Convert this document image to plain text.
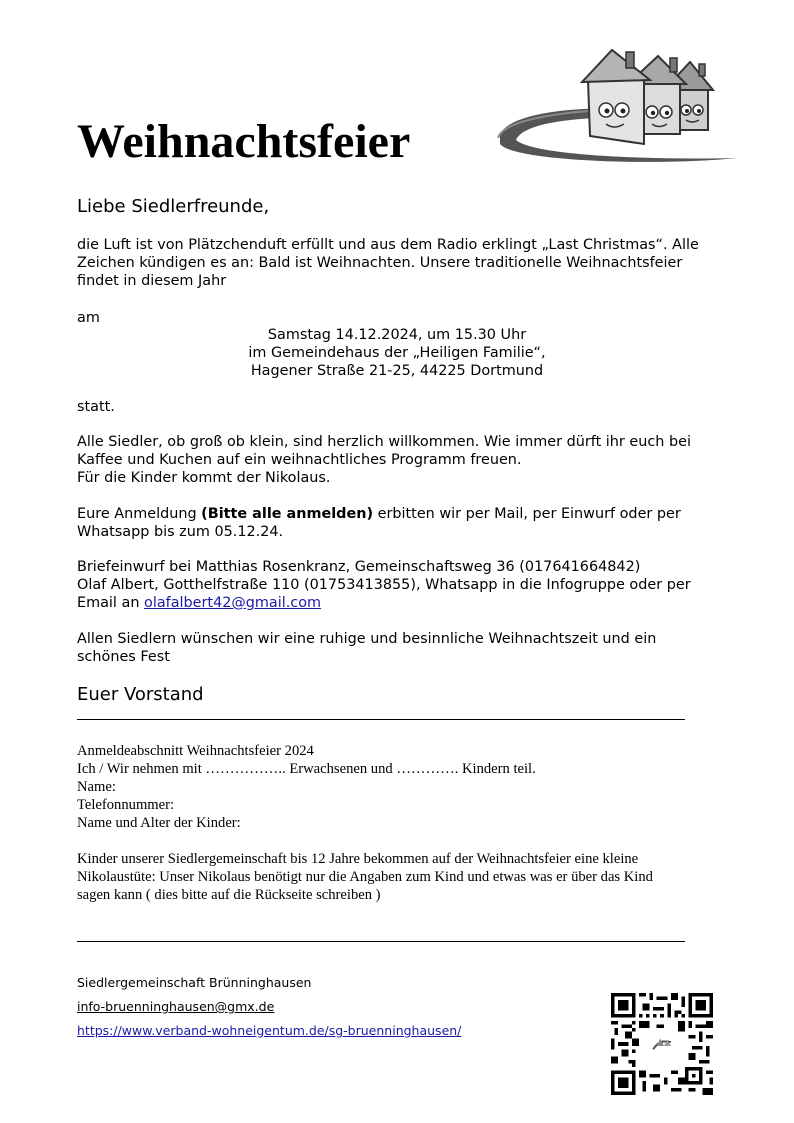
Weihnachtsfeier
Liebe Siedlerfreunde,
die Luft ist von Plätzchenduft erfüllt und aus dem Radio erklingt „Last Christmas“. Alle Zeichen kündigen es an: Bald ist Weihnachten. Unsere traditionelle Weihnachtsfeier findet in diesem Jahr
am
Samstag 14.12.2024, um 15.30 Uhr
im Gemeindehaus der „Heiligen Familie“,
Hagener Straße 21-25, 44225 Dortmund
statt.
Alle Siedler, ob groß ob klein, sind herzlich willkommen. Wie immer dürft ihr euch bei Kaffee und Kuchen auf ein weihnachtliches Programm freuen.
Für die Kinder kommt der Nikolaus.
Eure Anmeldung (Bitte alle anmelden) erbitten wir per Mail, per Einwurf oder per Whatsapp bis zum 05.12.24.
Briefeinwurf bei Matthias Rosenkranz, Gemeinschaftsweg 36 (017641664842)
Olaf Albert, Gotthelfstraße 110 (01753413855), Whatsapp in die Infogruppe oder per
Email an olafalbert42@gmail.com
Allen Siedlern wünschen wir eine ruhige und besinnliche Weihnachtszeit und ein schönes Fest
Euer Vorstand
Anmeldeabschnitt Weihnachtsfeier 2024
Ich / Wir nehmen mit …………….. Erwachsenen und …………. Kindern teil.
Name:
Telefonnummer:
Name und Alter der Kinder:
Kinder unserer Siedlergemeinschaft bis 12 Jahre bekommen auf der Weihnachtsfeier eine kleine
Nikolaustüte: Unser Nikolaus benötigt nur die Angaben zum Kind und etwas was er über das Kind
sagen kann ( dies bitte auf die Rückseite schreiben )
Siedlergemeinschaft Brünninghausen
info-bruenninghausen@gmx.de
https://www.verband-wohneigentum.de/sg-bruenninghausen/
